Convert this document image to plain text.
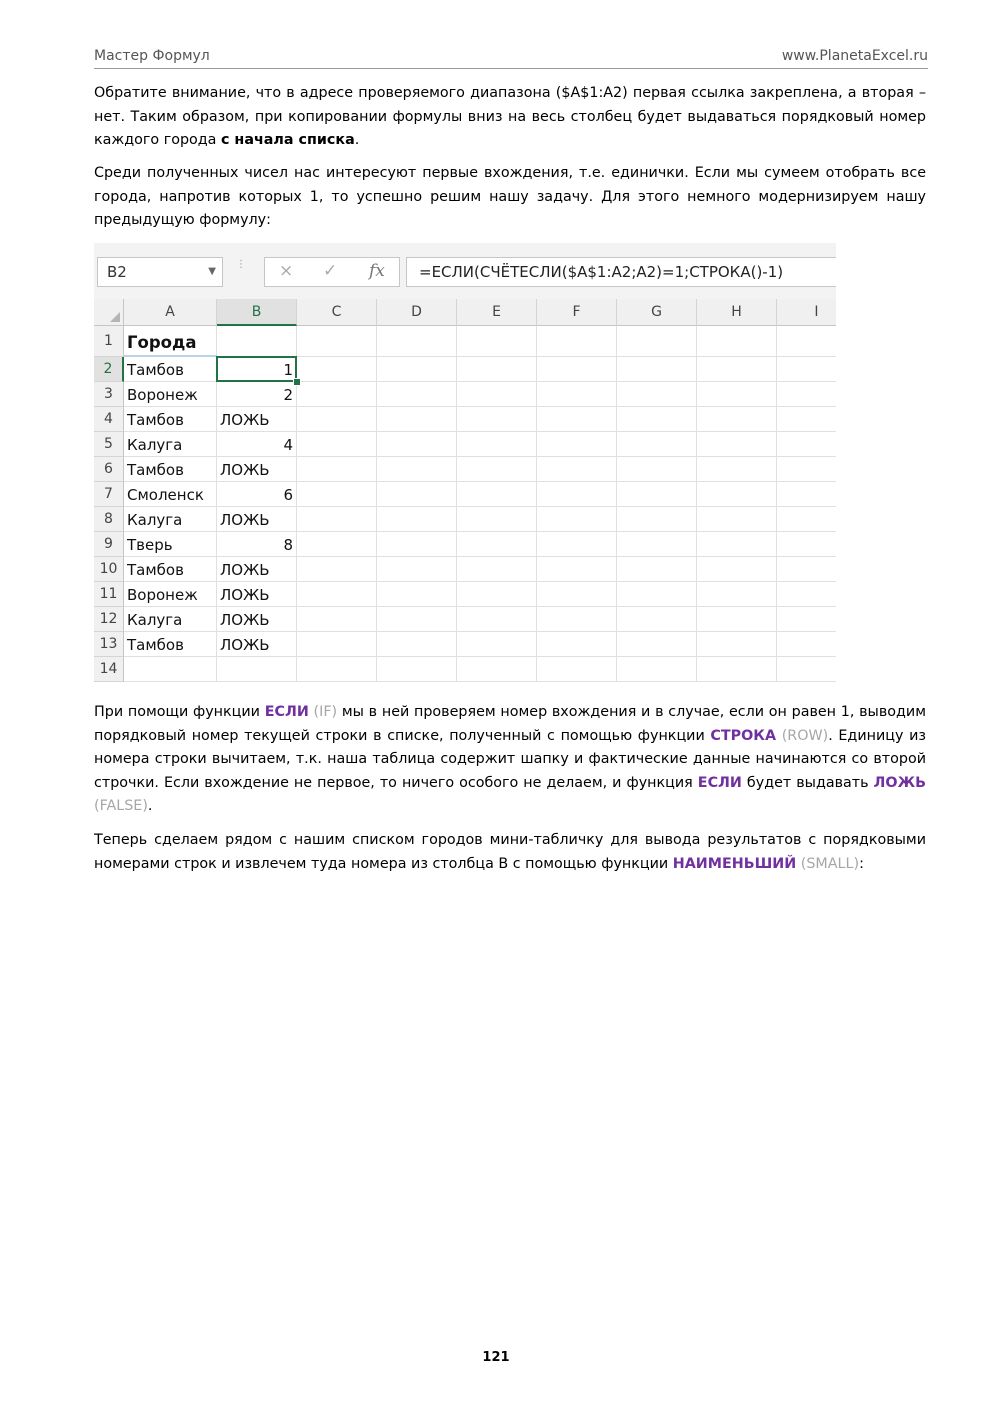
Мастер Формул	www.PlanetaExcel.ru
Обратите внимание, что в адресе проверяемого диапазона ($A$1:A2) первая ссылка закреплена, а вторая – нет. Таким образом, при копировании формулы вниз на весь столбец будет выдаваться порядковый номер каждого города с начала списка.
Среди полученных чисел нас интересуют первые вхождения, т.е. единички. Если мы сумеем отобрать все города, напротив которых 1, то успешно решим нашу задачу. Для этого немного модернизируем нашу предыдущую формулу:
B2	▼
⋮ × ✓ fx	=ЕСЛИ(СЧЁТЕСЛИ($A$1:A2;A2)=1;СТРОКА()-1)
A	B	C	D	E	F	G	H	I
1 Города
2 Тамбов	1
3 Воронеж	2
4 Тамбов	ЛОЖЬ
5 Калуга	4
6 Тамбов	ЛОЖЬ
7 Смоленск	6
8 Калуга	ЛОЖЬ
9 Тверь	8
10 Тамбов	ЛОЖЬ
11 Воронеж	ЛОЖЬ
12 Калуга	ЛОЖЬ
13 Тамбов	ЛОЖЬ
14
При помощи функции ЕСЛИ (IF) мы в ней проверяем номер вхождения и в случае, если он равен 1, выводим порядковый номер текущей строки в списке, полученный с помощью функции СТРОКА (ROW). Единицу из номера строки вычитаем, т.к. наша таблица содержит шапку и фактические данные начинаются со второй строчки. Если вхождение не первое, то ничего особого не делаем, и функция ЕСЛИ будет выдавать ЛОЖЬ (FALSE).
Теперь сделаем рядом с нашим списком городов мини-табличку для вывода результатов с порядковыми номерами строк и извлечем туда номера из столбца B с помощью функции НАИМЕНЬШИЙ (SMALL):
121
